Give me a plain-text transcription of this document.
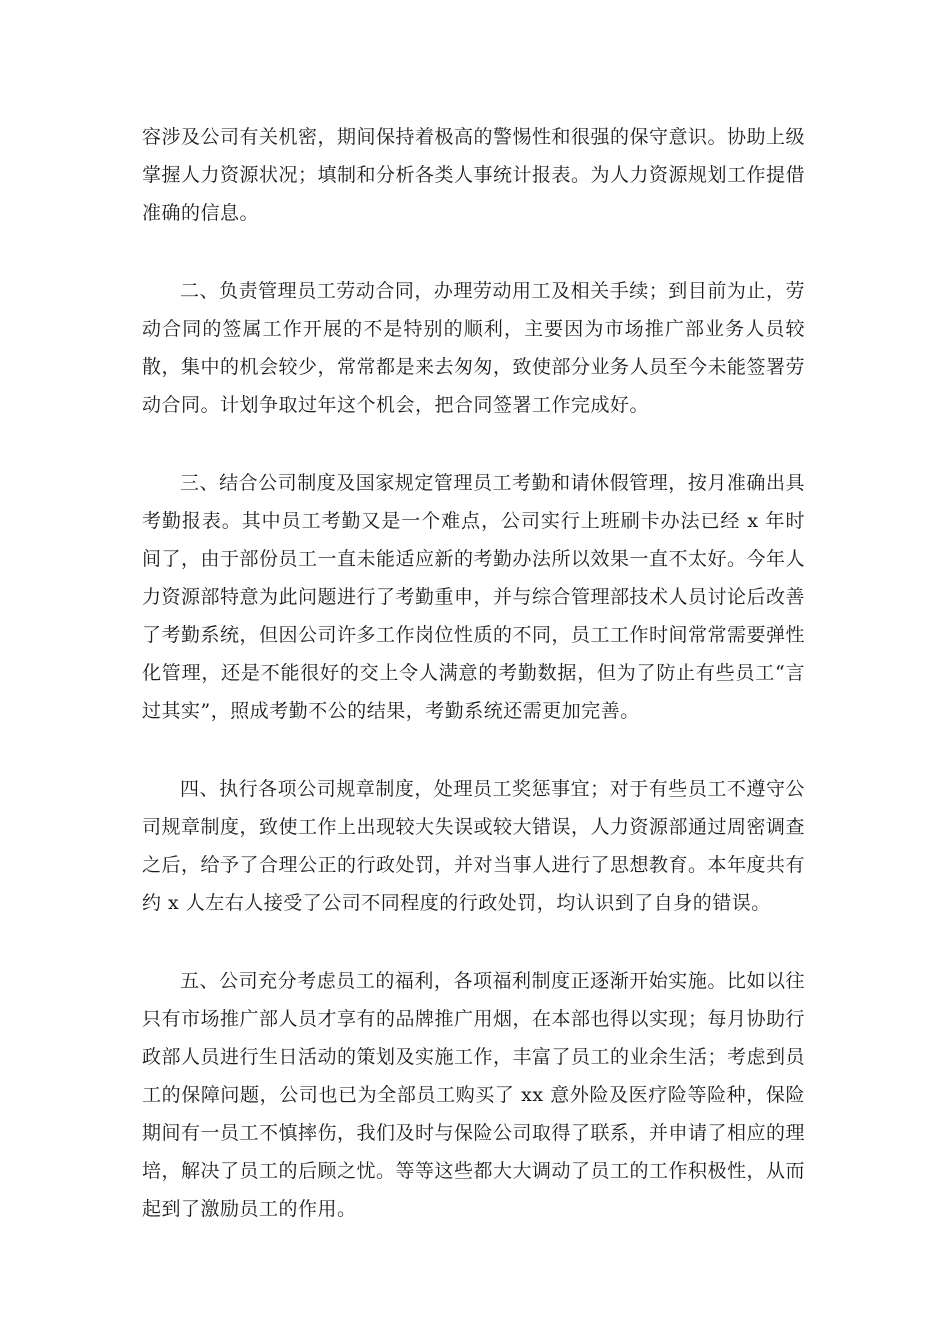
容涉及公司有关机密，期间保持着极高的警惕性和很强的保守意识。协助上级掌握人力资源状况；填制和分析各类人事统计报表。为人力资源规划工作提借准确的信息。

二、负责管理员工劳动合同，办理劳动用工及相关手续；到目前为止，劳动合同的签属工作开展的不是特别的顺利，主要因为市场推广部业务人员较散，集中的机会较少，常常都是来去匆匆，致使部分业务人员至今未能签署劳动合同。计划争取过年这个机会，把合同签署工作完成好。

三、结合公司制度及国家规定管理员工考勤和请休假管理，按月准确出具考勤报表。其中员工考勤又是一个难点，公司实行上班刷卡办法已经 x 年时间了，由于部份员工一直未能适应新的考勤办法所以效果一直不太好。今年人力资源部特意为此问题进行了考勤重申，并与综合管理部技术人员讨论后改善了考勤系统，但因公司许多工作岗位性质的不同，员工工作时间常常需要弹性化管理，还是不能很好的交上令人满意的考勤数据，但为了防止有些员工“言过其实”，照成考勤不公的结果，考勤系统还需更加完善。

四、执行各项公司规章制度，处理员工奖惩事宜；对于有些员工不遵守公司规章制度，致使工作上出现较大失误或较大错误，人力资源部通过周密调查之后，给予了合理公正的行政处罚，并对当事人进行了思想教育。本年度共有约 x 人左右人接受了公司不同程度的行政处罚，均认识到了自身的错误。

五、公司充分考虑员工的福利，各项福利制度正逐渐开始实施。比如以往只有市场推广部人员才享有的品牌推广用烟，在本部也得以实现；每月协助行政部人员进行生日活动的策划及实施工作，丰富了员工的业余生活；考虑到员工的保障问题，公司也已为全部员工购买了 xx 意外险及医疗险等险种，保险期间有一员工不慎摔伤，我们及时与保险公司取得了联系，并申请了相应的理培，解决了员工的后顾之忧。等等这些都大大调动了员工的工作积极性，从而起到了激励员工的作用。
